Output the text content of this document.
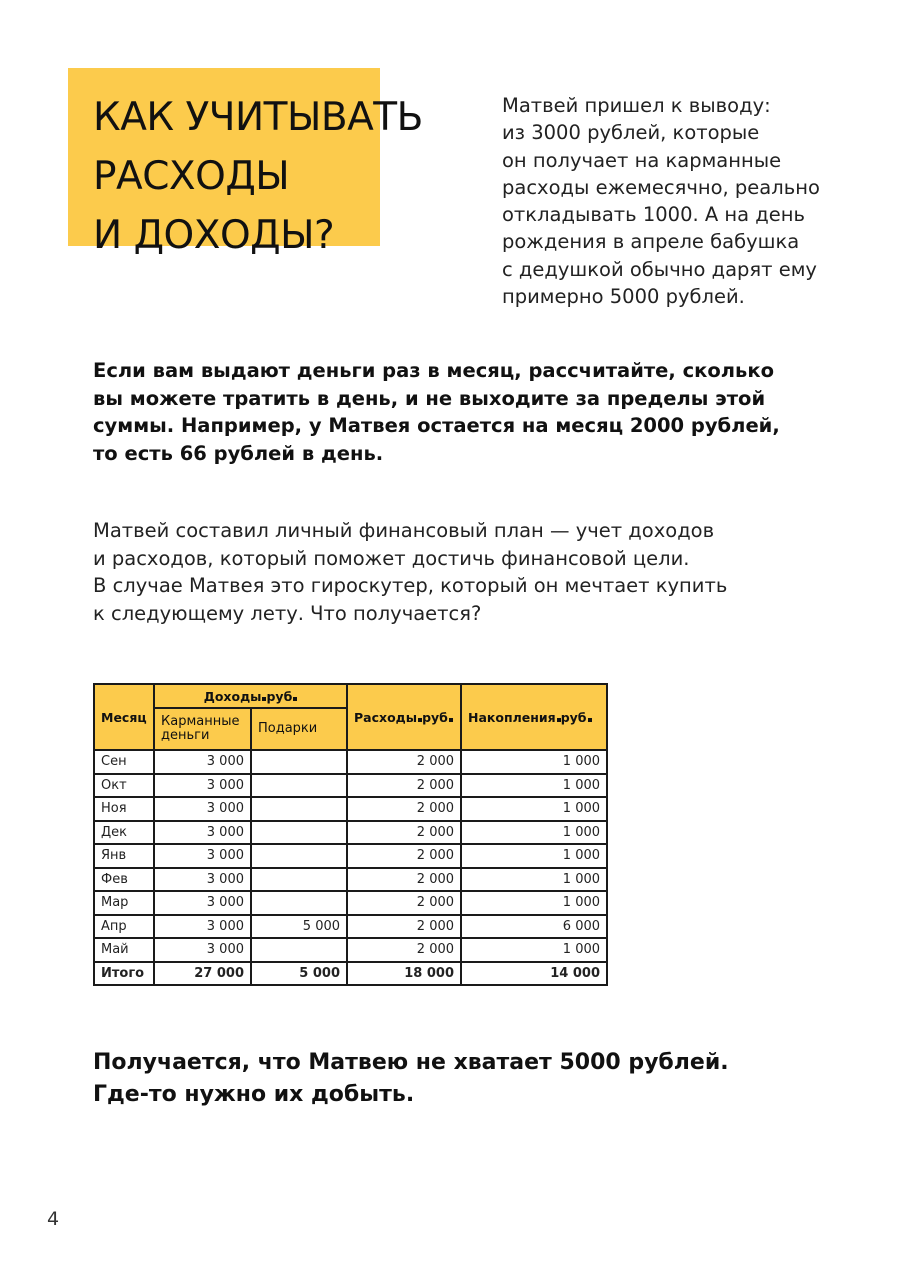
КАК УЧИТЫВАТЬ
РАСХОДЫ
И ДОХОДЫ?
Матвей пришел к выводу:
из 3000 рублей, которые
он получает на карманные
расходы ежемесячно, реально
откладывать 1000. А на день
рождения в апреле бабушка
с дедушкой обычно дарят ему
примерно 5000 рублей.
Если вам выдают деньги раз в месяц, рассчитайте, сколько
вы можете тратить в день, и не выходите за пределы этой
суммы. Например, у Матвея остается на месяц 2000 рублей,
то есть 66 рублей в день.
Матвей составил личный финансовый план — учет доходов
и расходов, который поможет достичь финансовой цели.
В случае Матвея это гироскутер, который он мечтает купить
к следующему лету. Что получается?
Месяц	Доходы руб		Расходы руб	Накопления руб
	Карманные деньги	Подарки		
Сен	3 000		2 000	1 000
Окт	3 000		2 000	1 000
Ноя	3 000		2 000	1 000
Дек	3 000		2 000	1 000
Янв	3 000		2 000	1 000
Фев	3 000		2 000	1 000
Мар	3 000		2 000	1 000
Апр	3 000	5 000	2 000	6 000
Май	3 000		2 000	1 000
Итого	27 000	5 000	18 000	14 000
Получается, что Матвею не хватает 5000 рублей.
Где-то нужно их добыть.
4
